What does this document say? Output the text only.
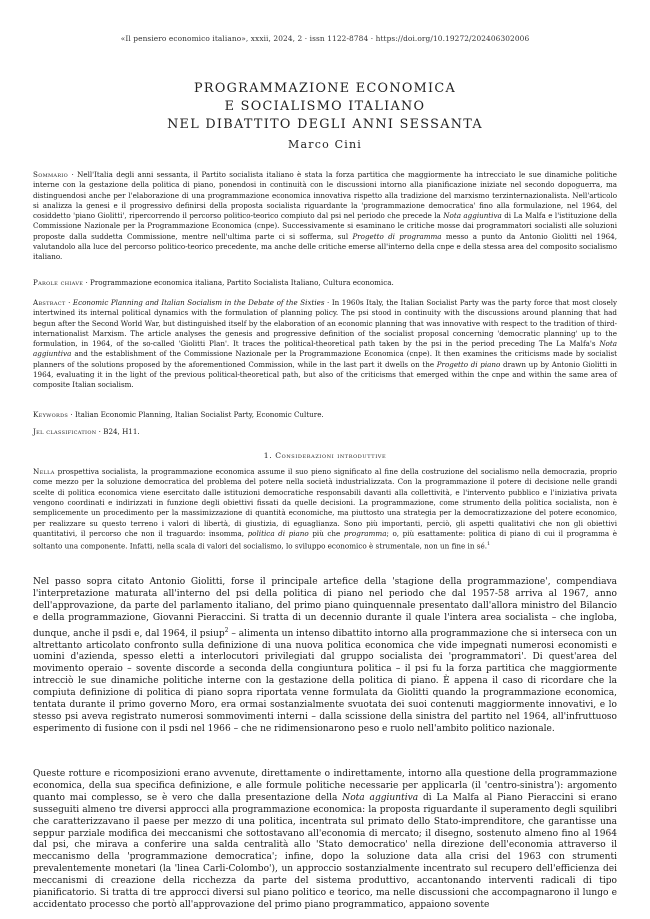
«Il pensiero economico italiano», xxxii, 2024, 2 · issn 1122-8784 · https://doi.org/10.19272/202406302006
PROGRAMMAZIONE ECONOMICA
E SOCIALISMO ITALIANO
NEL DIBATTITO DEGLI ANNI SESSANTA
Marco Cini
Sommario · Nell'Italia degli anni sessanta, il Partito socialista italiano è stata la forza partitica che maggiormente ha intrecciato le sue dinamiche politiche interne con la gestazione della politica di piano, ponendosi in continuità con le discussioni intorno alla pianificazione iniziate nel secondo dopoguerra, ma distinguendosi anche per l'elaborazione di una programmazione economica innovativa rispetto alla tradizione del marxismo terzinternazionalista. Nell'articolo si analizza la genesi e il progressivo definirsi della proposta socialista riguardante la 'programmazione democratica' fino alla formulazione, nel 1964, del cosiddetto 'piano Giolitti', ripercorrendo il percorso politico-teorico compiuto dal psi nel periodo che precede la Nota aggiuntiva di La Malfa e l'istituzione della Commissione Nazionale per la Programmazione Economica (cnpe). Successivamente si esaminano le critiche mosse dai programmatori socialisti alle soluzioni proposte dalla suddetta Commissione, mentre nell'ultima parte ci si sofferma, sul Progetto di programma messo a punto da Antonio Giolitti nel 1964, valutandolo alla luce del percorso politico-teorico precedente, ma anche delle critiche emerse all'interno della cnpe e della stessa area del composito socialismo italiano.
Parole chiave · Programmazione economica italiana, Partito Socialista Italiano, Cultura economica.
Abstract · Economic Planning and Italian Socialism in the Debate of the Sixties · In 1960s Italy, the Italian Socialist Party was the party force that most closely intertwined its internal political dynamics with the formulation of planning policy. The psi stood in continuity with the discussions around planning that had begun after the Second World War, but distinguished itself by the elaboration of an economic planning that was innovative with respect to the tradition of third-internationalist Marxism. The article analyses the genesis and progressive definition of the socialist proposal concerning 'democratic planning' up to the formulation, in 1964, of the so-called 'Giolitti Plan'. It traces the political-theoretical path taken by the psi in the period preceding The La Malfa's Nota aggiuntiva and the establishment of the Commissione Nazionale per la Programmazione Economica (cnpe). It then examines the criticisms made by socialist planners of the solutions proposed by the aforementioned Commission, while in the last part it dwells on the Progetto di piano drawn up by Antonio Giolitti in 1964, evaluating it in the light of the previous political-theoretical path, but also of the criticisms that emerged within the cnpe and within the same area of composite Italian socialism.
Keywords · Italian Economic Planning, Italian Socialist Party, Economic Culture.
Jel classification · B24, H11.
1. Considerazioni introduttive
Nella prospettiva socialista, la programmazione economica assume il suo pieno significato al fine della costruzione del socialismo nella democrazia, proprio come mezzo per la soluzione democratica del problema del potere nella società industrializzata. Con la programmazione il potere di decisione nelle grandi scelte di politica economica viene esercitato dalle istituzioni democratiche responsabili davanti alla collettività, e l'intervento pubblico e l'iniziativa privata vengono coordinati e indirizzati in funzione degli obiettivi fissati da quelle decisioni. La programmazione, come strumento della politica socialista, non è semplicemente un procedimento per la massimizzazione di quantità economiche, ma piuttosto una strategia per la democratizzazione del potere economico, per realizzare su questo terreno i valori di libertà, di giustizia, di eguaglianza. Sono più importanti, perciò, gli aspetti qualitativi che non gli obiettivi quantitativi, il percorso che non il traguardo: insomma, politica di piano più che programma; o, più esattamente: politica di piano di cui il programma è soltanto una componente. Infatti, nella scala di valori del socialismo, lo sviluppo economico è strumentale, non un fine in sé.$^1$
Nel passo sopra citato Antonio Giolitti, forse il principale artefice della 'stagione della programmazione', compendiava l'interpretazione maturata all'interno del psi della politica di piano nel periodo che dal 1957-58 arriva al 1967, anno dell'approvazione, da parte del parlamento italiano, del primo piano quinquennale presentato dall'allora ministro del Bilancio e della programmazione, Giovanni Pieraccini. Si tratta di un decennio durante il quale l'intera area socialista – che ingloba, dunque, anche il psdi e, dal 1964, il psiup$^2$ – alimenta un intenso dibattito intorno alla programmazione che si interseca con un altrettanto articolato confronto sulla definizione di una nuova politica economica che vide impegnati numerosi economisti e uomini d'azienda, spesso eletti a interlocutori privilegiati dal gruppo socialista dei 'programmatori'. Di quest'area del movimento operaio – sovente discorde a seconda della congiuntura politica – il psi fu la forza partitica che maggiormente intrecciò le sue dinamiche politiche interne con la gestazione della politica di piano. È appena il caso di ricordare che la compiuta definizione di politica di piano sopra riportata venne formulata da Giolitti quando la programmazione economica, tentata durante il primo governo Moro, era ormai sostanzialmente svuotata dei suoi contenuti maggiormente innovativi, e lo stesso psi aveva registrato numerosi sommovimenti interni – dalla scissione della sinistra del partito nel 1964, all'infruttuoso esperimento di fusione con il psdi nel 1966 – che ne ridimensionarono peso e ruolo nell'ambito politico nazionale.
Queste rotture e ricomposizioni erano avvenute, direttamente o indirettamente, intorno alla questione della programmazione economica, della sua specifica definizione, e alle formule politiche necessarie per applicarla (il 'centro-sinistra'): argomento quanto mai complesso, se è vero che dalla presentazione della Nota aggiuntiva di La Malfa al Piano Pieraccini si erano susseguiti almeno tre diversi approcci alla programmazione economica: la proposta riguardante il superamento degli squilibri che caratterizzavano il paese per mezzo di una politica, incentrata sul primato dello Stato-imprenditore, che garantisse una seppur parziale modifica dei meccanismi che sottostavano all'economia di mercato; il disegno, sostenuto almeno fino al 1964 dal psi, che mirava a conferire una salda centralità allo 'Stato democratico' nella direzione dell'economia attraverso il meccanismo della 'programmazione democratica'; infine, dopo la soluzione data alla crisi del 1963 con strumenti prevalentemente monetari (la 'linea Carli-Colombo'), un approccio sostanzialmente incentrato sul recupero dell'efficienza dei meccanismi di creazione della ricchezza da parte del sistema produttivo, accantonando interventi radicali di tipo pianificatorio. Si tratta di tre approcci diversi sul piano politico e teorico, ma nelle discussioni che accompagnarono il lungo e accidentato processo che portò all'approvazione del primo piano programmatico, appaiono sovente
